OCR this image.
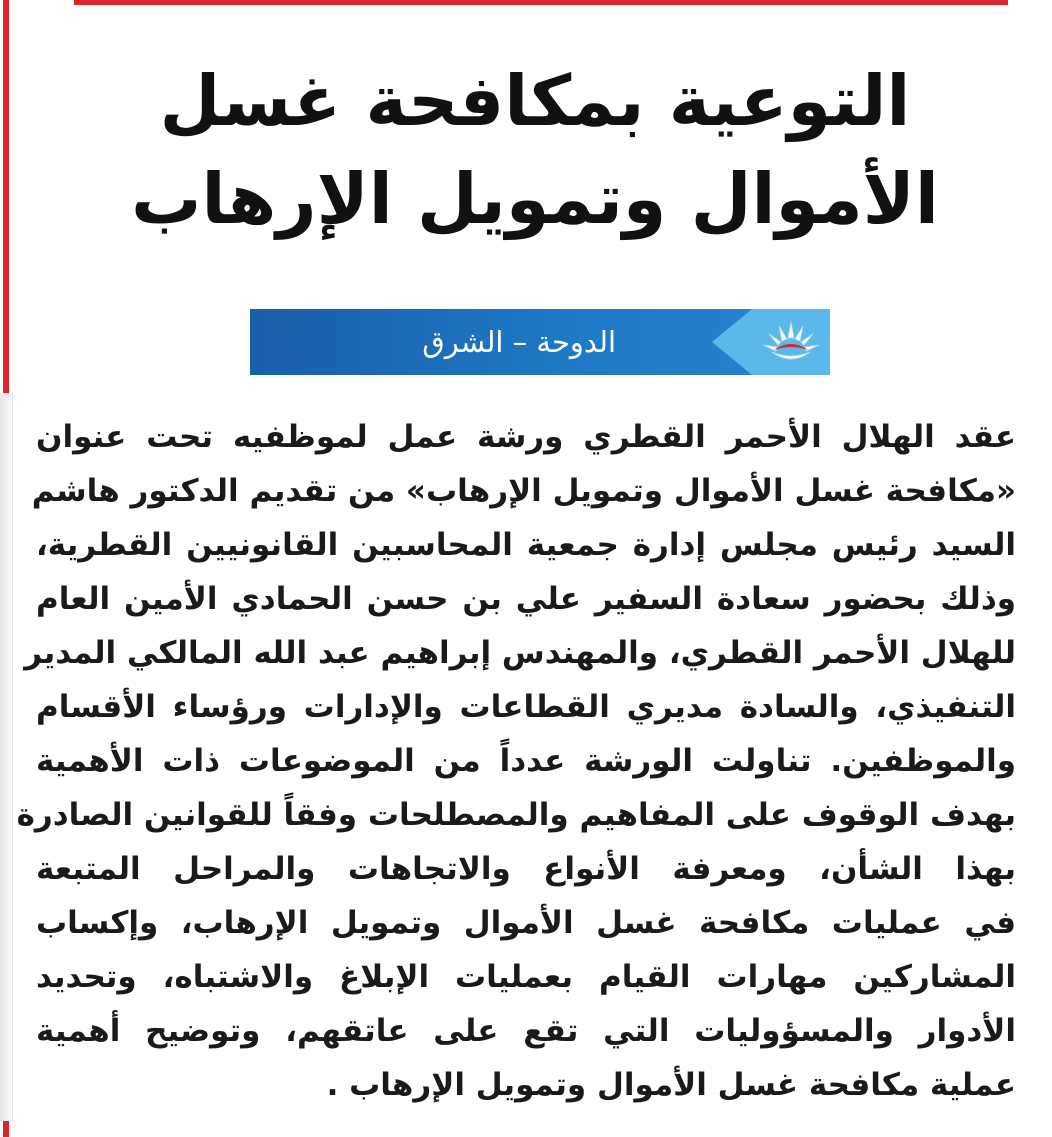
التوعية بمكافحة غسل
الأموال وتمويل الإرهاب
الدوحة – الشرق
عقد الهلال الأحمر القطري ورشة عمل لموظفيه تحت عنوان
«مكافحة غسل الأموال وتمويل الإرهاب» من تقديم الدكتور هاشم
السيد رئيس مجلس إدارة جمعية المحاسبين القانونيين القطرية،
وذلك بحضور سعادة السفير علي بن حسن الحمادي الأمين العام
للهلال الأحمر القطري، والمهندس إبراهيم عبد الله المالكي المدير
التنفيذي، والسادة مديري القطاعات والإدارات ورؤساء الأقسام
والموظفين. تناولت الورشة عدداً من الموضوعات ذات الأهمية
بهدف الوقوف على المفاهيم والمصطلحات وفقاً للقوانين الصادرة
بهذا الشأن، ومعرفة الأنواع والاتجاهات والمراحل المتبعة
في عمليات مكافحة غسل الأموال وتمويل الإرهاب، وإكساب
المشاركين مهارات القيام بعمليات الإبلاغ والاشتباه، وتحديد
الأدوار والمسؤوليات التي تقع على عاتقهم، وتوضيح أهمية
عملية مكافحة غسل الأموال وتمويل الإرهاب .
